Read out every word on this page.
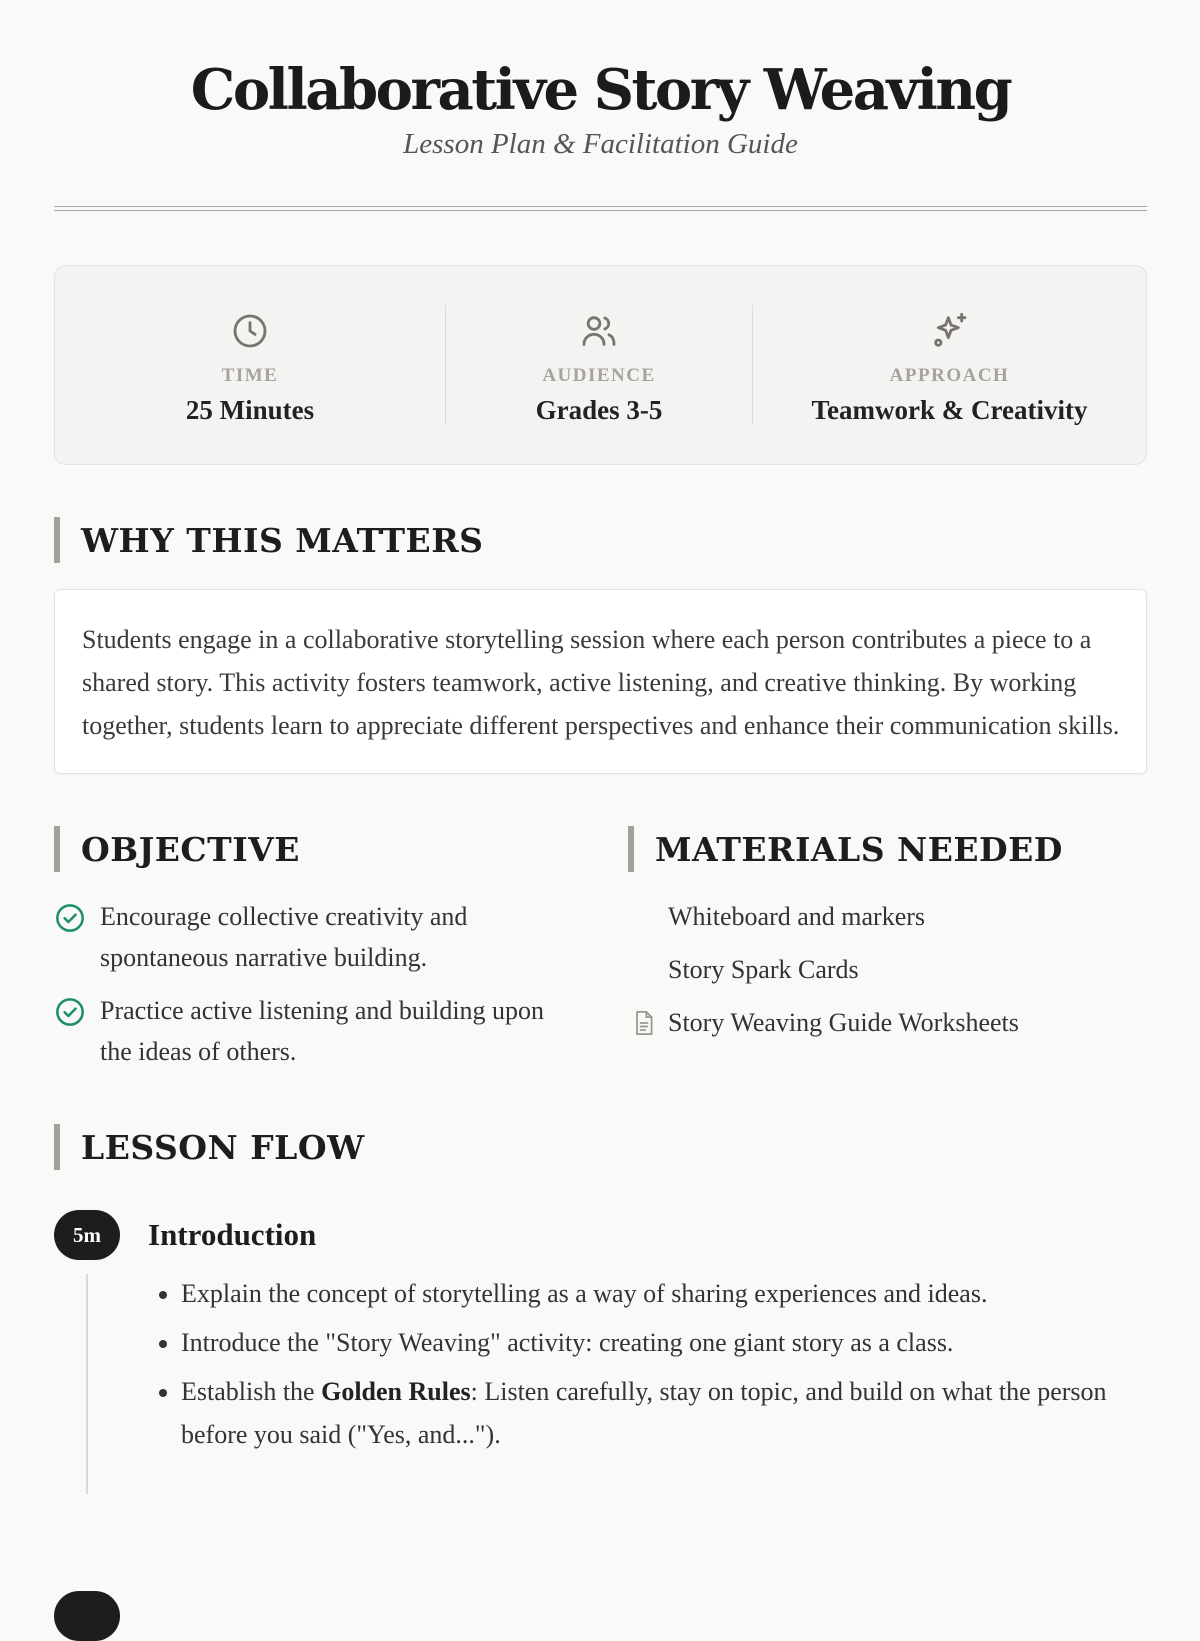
Collaborative Story Weaving
Lesson Plan & Facilitation Guide
TIME
25 Minutes
AUDIENCE
Grades 3-5
APPROACH
Teamwork & Creativity
WHY THIS MATTERS
Students engage in a collaborative storytelling session where each person contributes a piece to a shared story. This activity fosters teamwork, active listening, and creative thinking. By working together, students learn to appreciate different perspectives and enhance their communication skills.
OBJECTIVE
Encourage collective creativity and spontaneous narrative building.
Practice active listening and building upon the ideas of others.
MATERIALS NEEDED
Whiteboard and markers
Story Spark Cards
Story Weaving Guide Worksheets
LESSON FLOW
5m	Introduction
• Explain the concept of storytelling as a way of sharing experiences and ideas.
• Introduce the "Story Weaving" activity: creating one giant story as a class.
• Establish the Golden Rules: Listen carefully, stay on topic, and build on what the person before you said ("Yes, and...").
